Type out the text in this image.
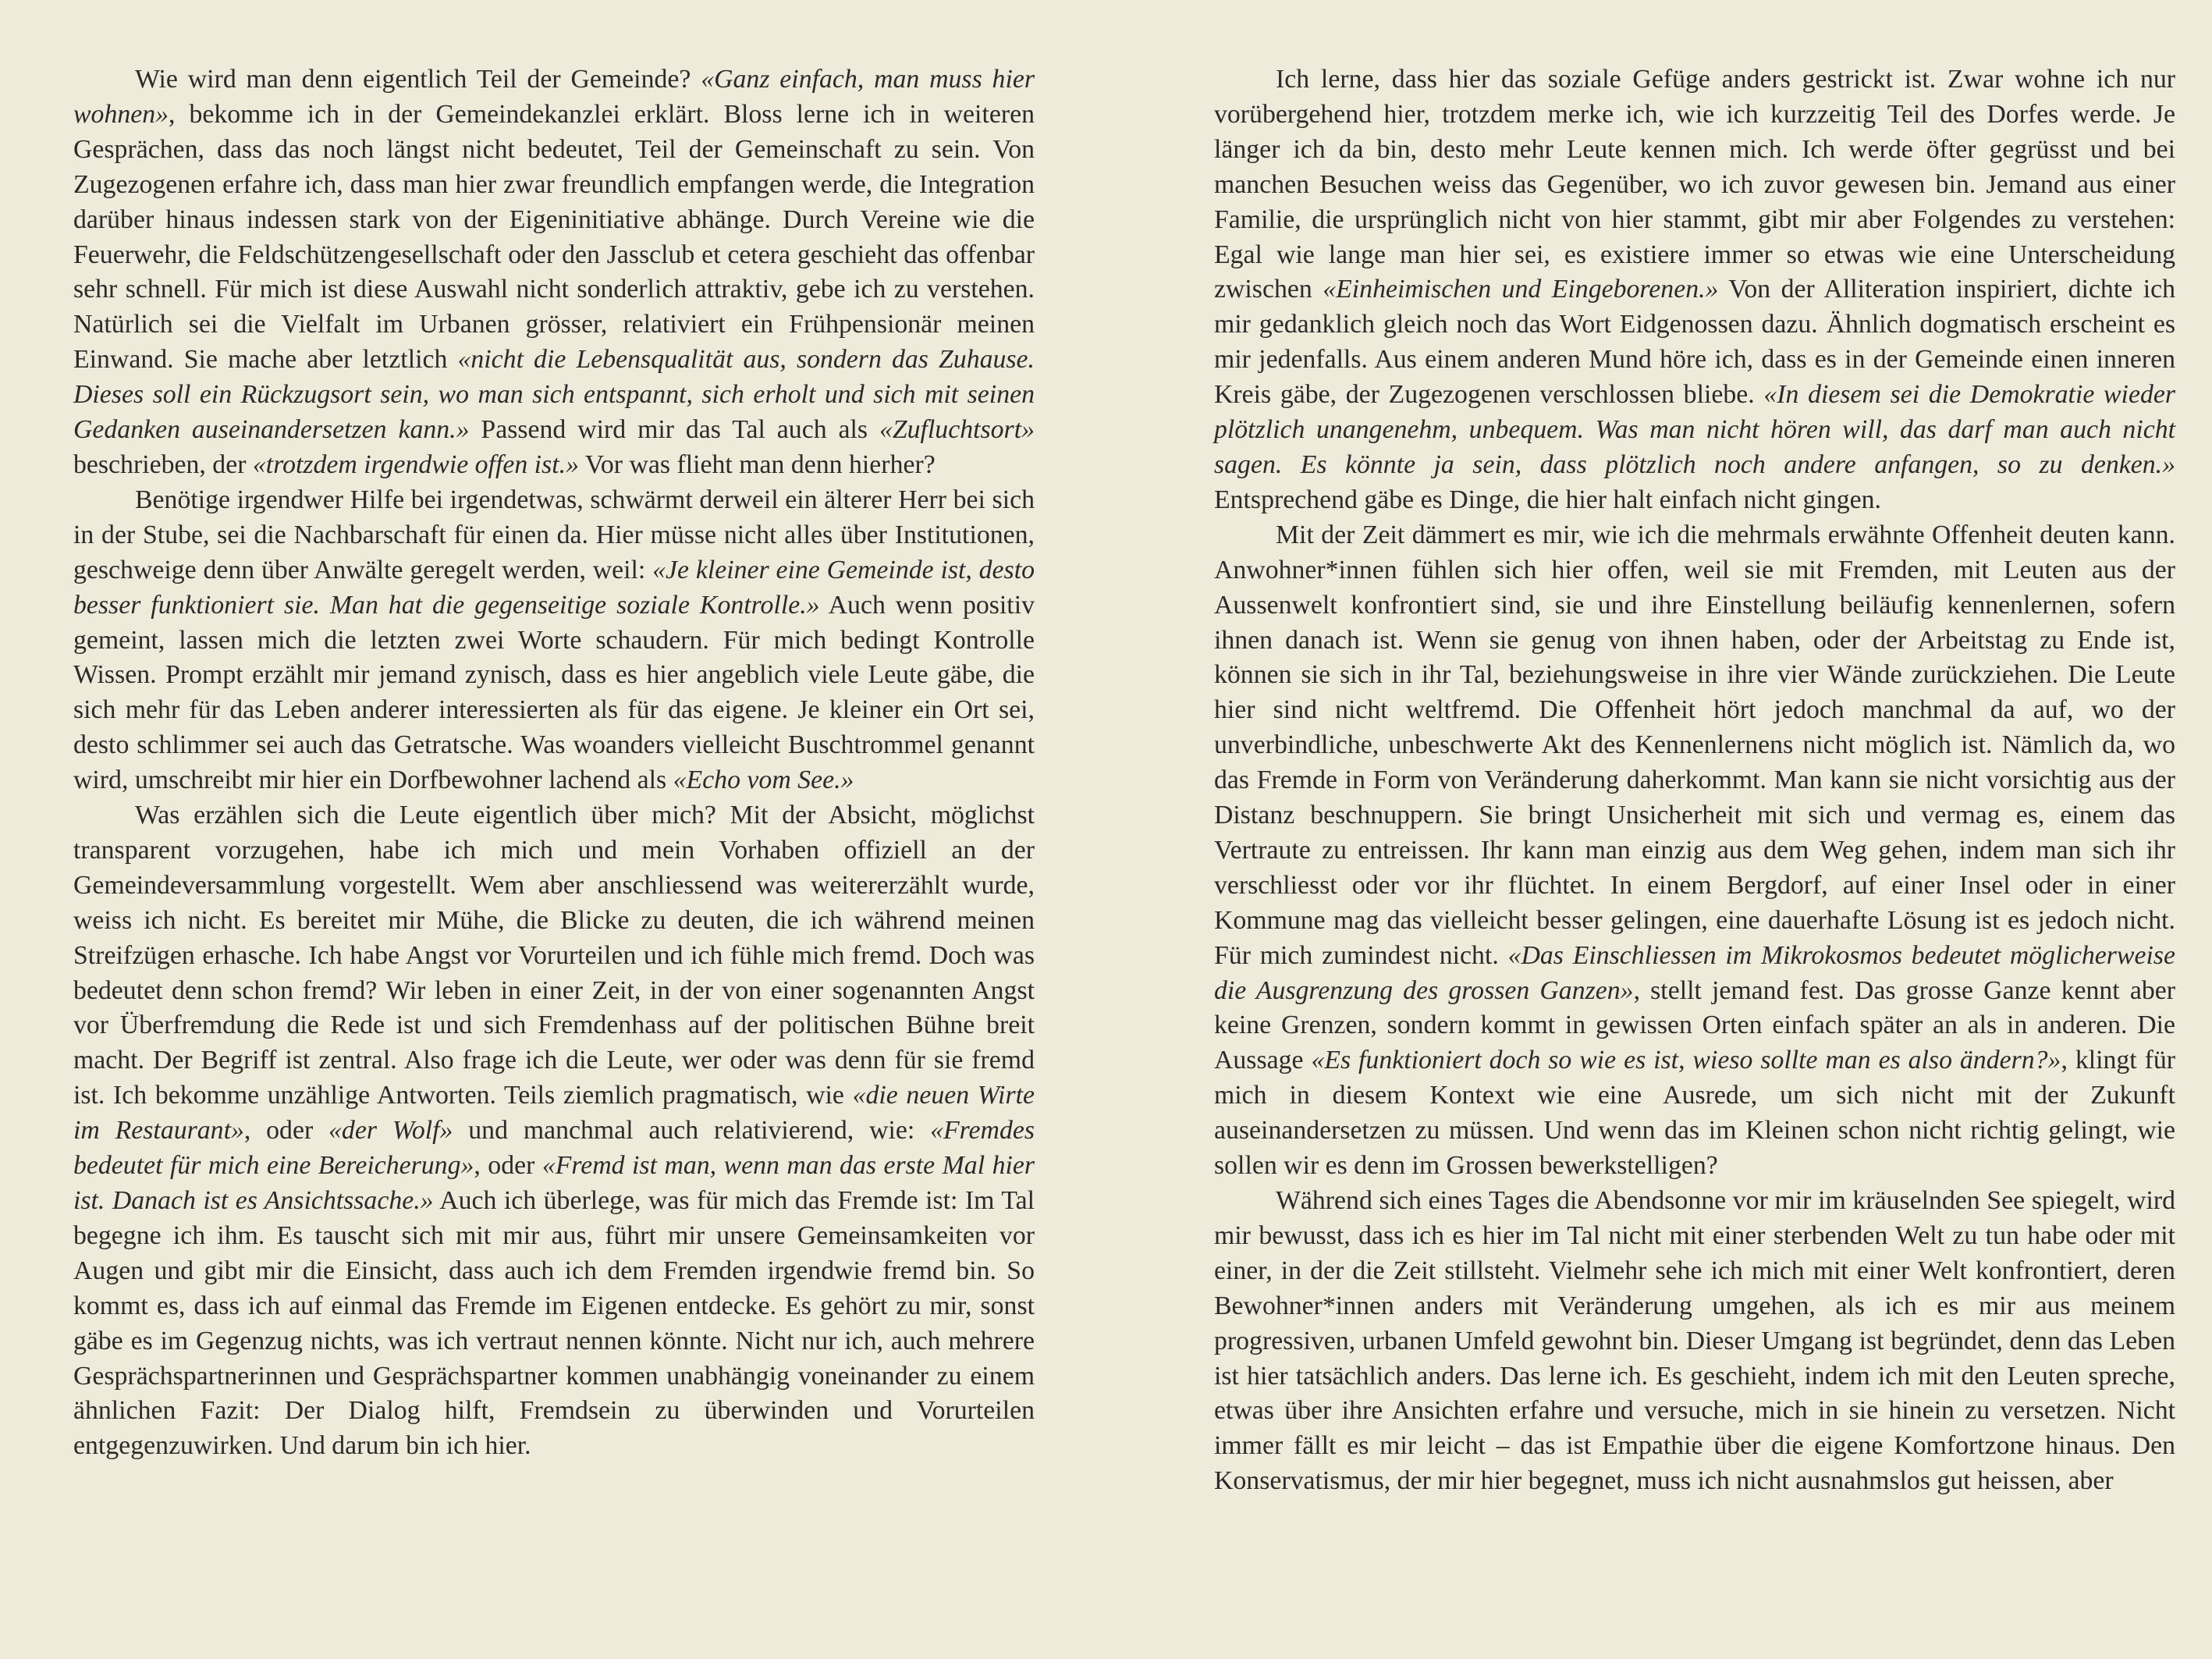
Wie wird man denn eigentlich Teil der Gemeinde? «Ganz einfach, man muss hier wohnen», bekomme ich in der Gemeindekanzlei erklärt. Bloss lerne ich in weiteren Gesprächen, dass das noch längst nicht bedeutet, Teil der Gemeinschaft zu sein. Von Zugezogenen erfahre ich, dass man hier zwar freundlich empfangen werde, die Integration darüber hinaus indessen stark von der Eigeninitiative abhänge. Durch Vereine wie die Feuerwehr, die Feldschützengesellschaft oder den Jassclub et cetera geschieht das offenbar sehr schnell. Für mich ist diese Auswahl nicht sonderlich attraktiv, gebe ich zu verstehen. Natürlich sei die Vielfalt im Urbanen grösser, relativiert ein Frühpensionär meinen Einwand. Sie mache aber letztlich «nicht die Lebensqualität aus, sondern das Zuhause. Dieses soll ein Rückzugsort sein, wo man sich entspannt, sich erholt und sich mit seinen Gedanken auseinandersetzen kann.» Passend wird mir das Tal auch als «Zufluchtsort» beschrieben, der «trotzdem irgendwie offen ist.» Vor was flieht man denn hierher?

Benötige irgendwer Hilfe bei irgendetwas, schwärmt derweil ein älterer Herr bei sich in der Stube, sei die Nachbarschaft für einen da. Hier müsse nicht alles über Institutionen, geschweige denn über Anwälte geregelt werden, weil: «Je kleiner eine Gemeinde ist, desto besser funktioniert sie. Man hat die gegenseitige soziale Kontrolle.» Auch wenn positiv gemeint, lassen mich die letzten zwei Worte schaudern. Für mich bedingt Kontrolle Wissen. Prompt erzählt mir jemand zynisch, dass es hier angeblich viele Leute gäbe, die sich mehr für das Leben anderer interessierten als für das eigene. Je kleiner ein Ort sei, desto schlimmer sei auch das Getratsche. Was woanders vielleicht Buschtrommel genannt wird, umschreibt mir hier ein Dorfbewohner lachend als «Echo vom See.»

Was erzählen sich die Leute eigentlich über mich? Mit der Absicht, möglichst transparent vorzugehen, habe ich mich und mein Vorhaben offiziell an der Gemeindeversammlung vorgestellt. Wem aber anschliessend was weitererzählt wurde, weiss ich nicht. Es bereitet mir Mühe, die Blicke zu deuten, die ich während meinen Streifzügen erhasche. Ich habe Angst vor Vorurteilen und ich fühle mich fremd. Doch was bedeutet denn schon fremd? Wir leben in einer Zeit, in der von einer sogenannten Angst vor Überfremdung die Rede ist und sich Fremdenhass auf der politischen Bühne breit macht. Der Begriff ist zentral. Also frage ich die Leute, wer oder was denn für sie fremd ist. Ich bekomme unzählige Antworten. Teils ziemlich pragmatisch, wie «die neuen Wirte im Restaurant», oder «der Wolf» und manchmal auch relativierend, wie: «Fremdes bedeutet für mich eine Bereicherung», oder «Fremd ist man, wenn man das erste Mal hier ist. Danach ist es Ansichtssache.» Auch ich überlege, was für mich das Fremde ist: Im Tal begegne ich ihm. Es tauscht sich mit mir aus, führt mir unsere Gemeinsamkeiten vor Augen und gibt mir die Einsicht, dass auch ich dem Fremden irgendwie fremd bin. So kommt es, dass ich auf einmal das Fremde im Eigenen entdecke. Es gehört zu mir, sonst gäbe es im Gegenzug nichts, was ich vertraut nennen könnte. Nicht nur ich, auch mehrere Gesprächspartnerinnen und Gesprächspartner kommen unabhängig voneinander zu einem ähnlichen Fazit: Der Dialog hilft, Fremdsein zu überwinden und Vorurteilen entgegenzuwirken. Und darum bin ich hier.

Ich lerne, dass hier das soziale Gefüge anders gestrickt ist. Zwar wohne ich nur vorübergehend hier, trotzdem merke ich, wie ich kurzzeitig Teil des Dorfes werde. Je länger ich da bin, desto mehr Leute kennen mich. Ich werde öfter gegrüsst und bei manchen Besuchen weiss das Gegenüber, wo ich zuvor gewesen bin. Jemand aus einer Familie, die ursprünglich nicht von hier stammt, gibt mir aber Folgendes zu verstehen: Egal wie lange man hier sei, es existiere immer so etwas wie eine Unterscheidung zwischen «Einheimischen und Eingeborenen.» Von der Alliteration inspiriert, dichte ich mir gedanklich gleich noch das Wort Eidgenossen dazu. Ähnlich dogmatisch erscheint es mir jedenfalls. Aus einem anderen Mund höre ich, dass es in der Gemeinde einen inneren Kreis gäbe, der Zugezogenen verschlossen bliebe. «In diesem sei die Demokratie wieder plötzlich unangenehm, unbequem. Was man nicht hören will, das darf man auch nicht sagen. Es könnte ja sein, dass plötzlich noch andere anfangen, so zu denken.» Entsprechend gäbe es Dinge, die hier halt einfach nicht gingen.

Mit der Zeit dämmert es mir, wie ich die mehrmals erwähnte Offenheit deuten kann. Anwohner*innen fühlen sich hier offen, weil sie mit Fremden, mit Leuten aus der Aussenwelt konfrontiert sind, sie und ihre Einstellung beiläufig kennenlernen, sofern ihnen danach ist. Wenn sie genug von ihnen haben, oder der Arbeitstag zu Ende ist, können sie sich in ihr Tal, beziehungsweise in ihre vier Wände zurückziehen. Die Leute hier sind nicht weltfremd. Die Offenheit hört jedoch manchmal da auf, wo der unverbindliche, unbeschwerte Akt des Kennenlernens nicht möglich ist. Nämlich da, wo das Fremde in Form von Veränderung daherkommt. Man kann sie nicht vorsichtig aus der Distanz beschnuppern. Sie bringt Unsicherheit mit sich und vermag es, einem das Vertraute zu entreissen. Ihr kann man einzig aus dem Weg gehen, indem man sich ihr verschliesst oder vor ihr flüchtet. In einem Bergdorf, auf einer Insel oder in einer Kommune mag das vielleicht besser gelingen, eine dauerhafte Lösung ist es jedoch nicht. Für mich zumindest nicht. «Das Einschliessen im Mikrokosmos bedeutet möglicherweise die Ausgrenzung des grossen Ganzen», stellt jemand fest. Das grosse Ganze kennt aber keine Grenzen, sondern kommt in gewissen Orten einfach später an als in anderen. Die Aussage «Es funktioniert doch so wie es ist, wieso sollte man es also ändern?», klingt für mich in diesem Kontext wie eine Ausrede, um sich nicht mit der Zukunft auseinandersetzen zu müssen. Und wenn das im Kleinen schon nicht richtig gelingt, wie sollen wir es denn im Grossen bewerkstelligen?

Während sich eines Tages die Abendsonne vor mir im kräuselnden See spiegelt, wird mir bewusst, dass ich es hier im Tal nicht mit einer sterbenden Welt zu tun habe oder mit einer, in der die Zeit stillsteht. Vielmehr sehe ich mich mit einer Welt konfrontiert, deren Bewohner*innen anders mit Veränderung umgehen, als ich es mir aus meinem progressiven, urbanen Umfeld gewohnt bin. Dieser Umgang ist begründet, denn das Leben ist hier tatsächlich anders. Das lerne ich. Es geschieht, indem ich mit den Leuten spreche, etwas über ihre Ansichten erfahre und versuche, mich in sie hinein zu versetzen. Nicht immer fällt es mir leicht – das ist Empathie über die eigene Komfortzone hinaus. Den Konservatismus, der mir hier begegnet, muss ich nicht ausnahmslos gut heissen, aber
